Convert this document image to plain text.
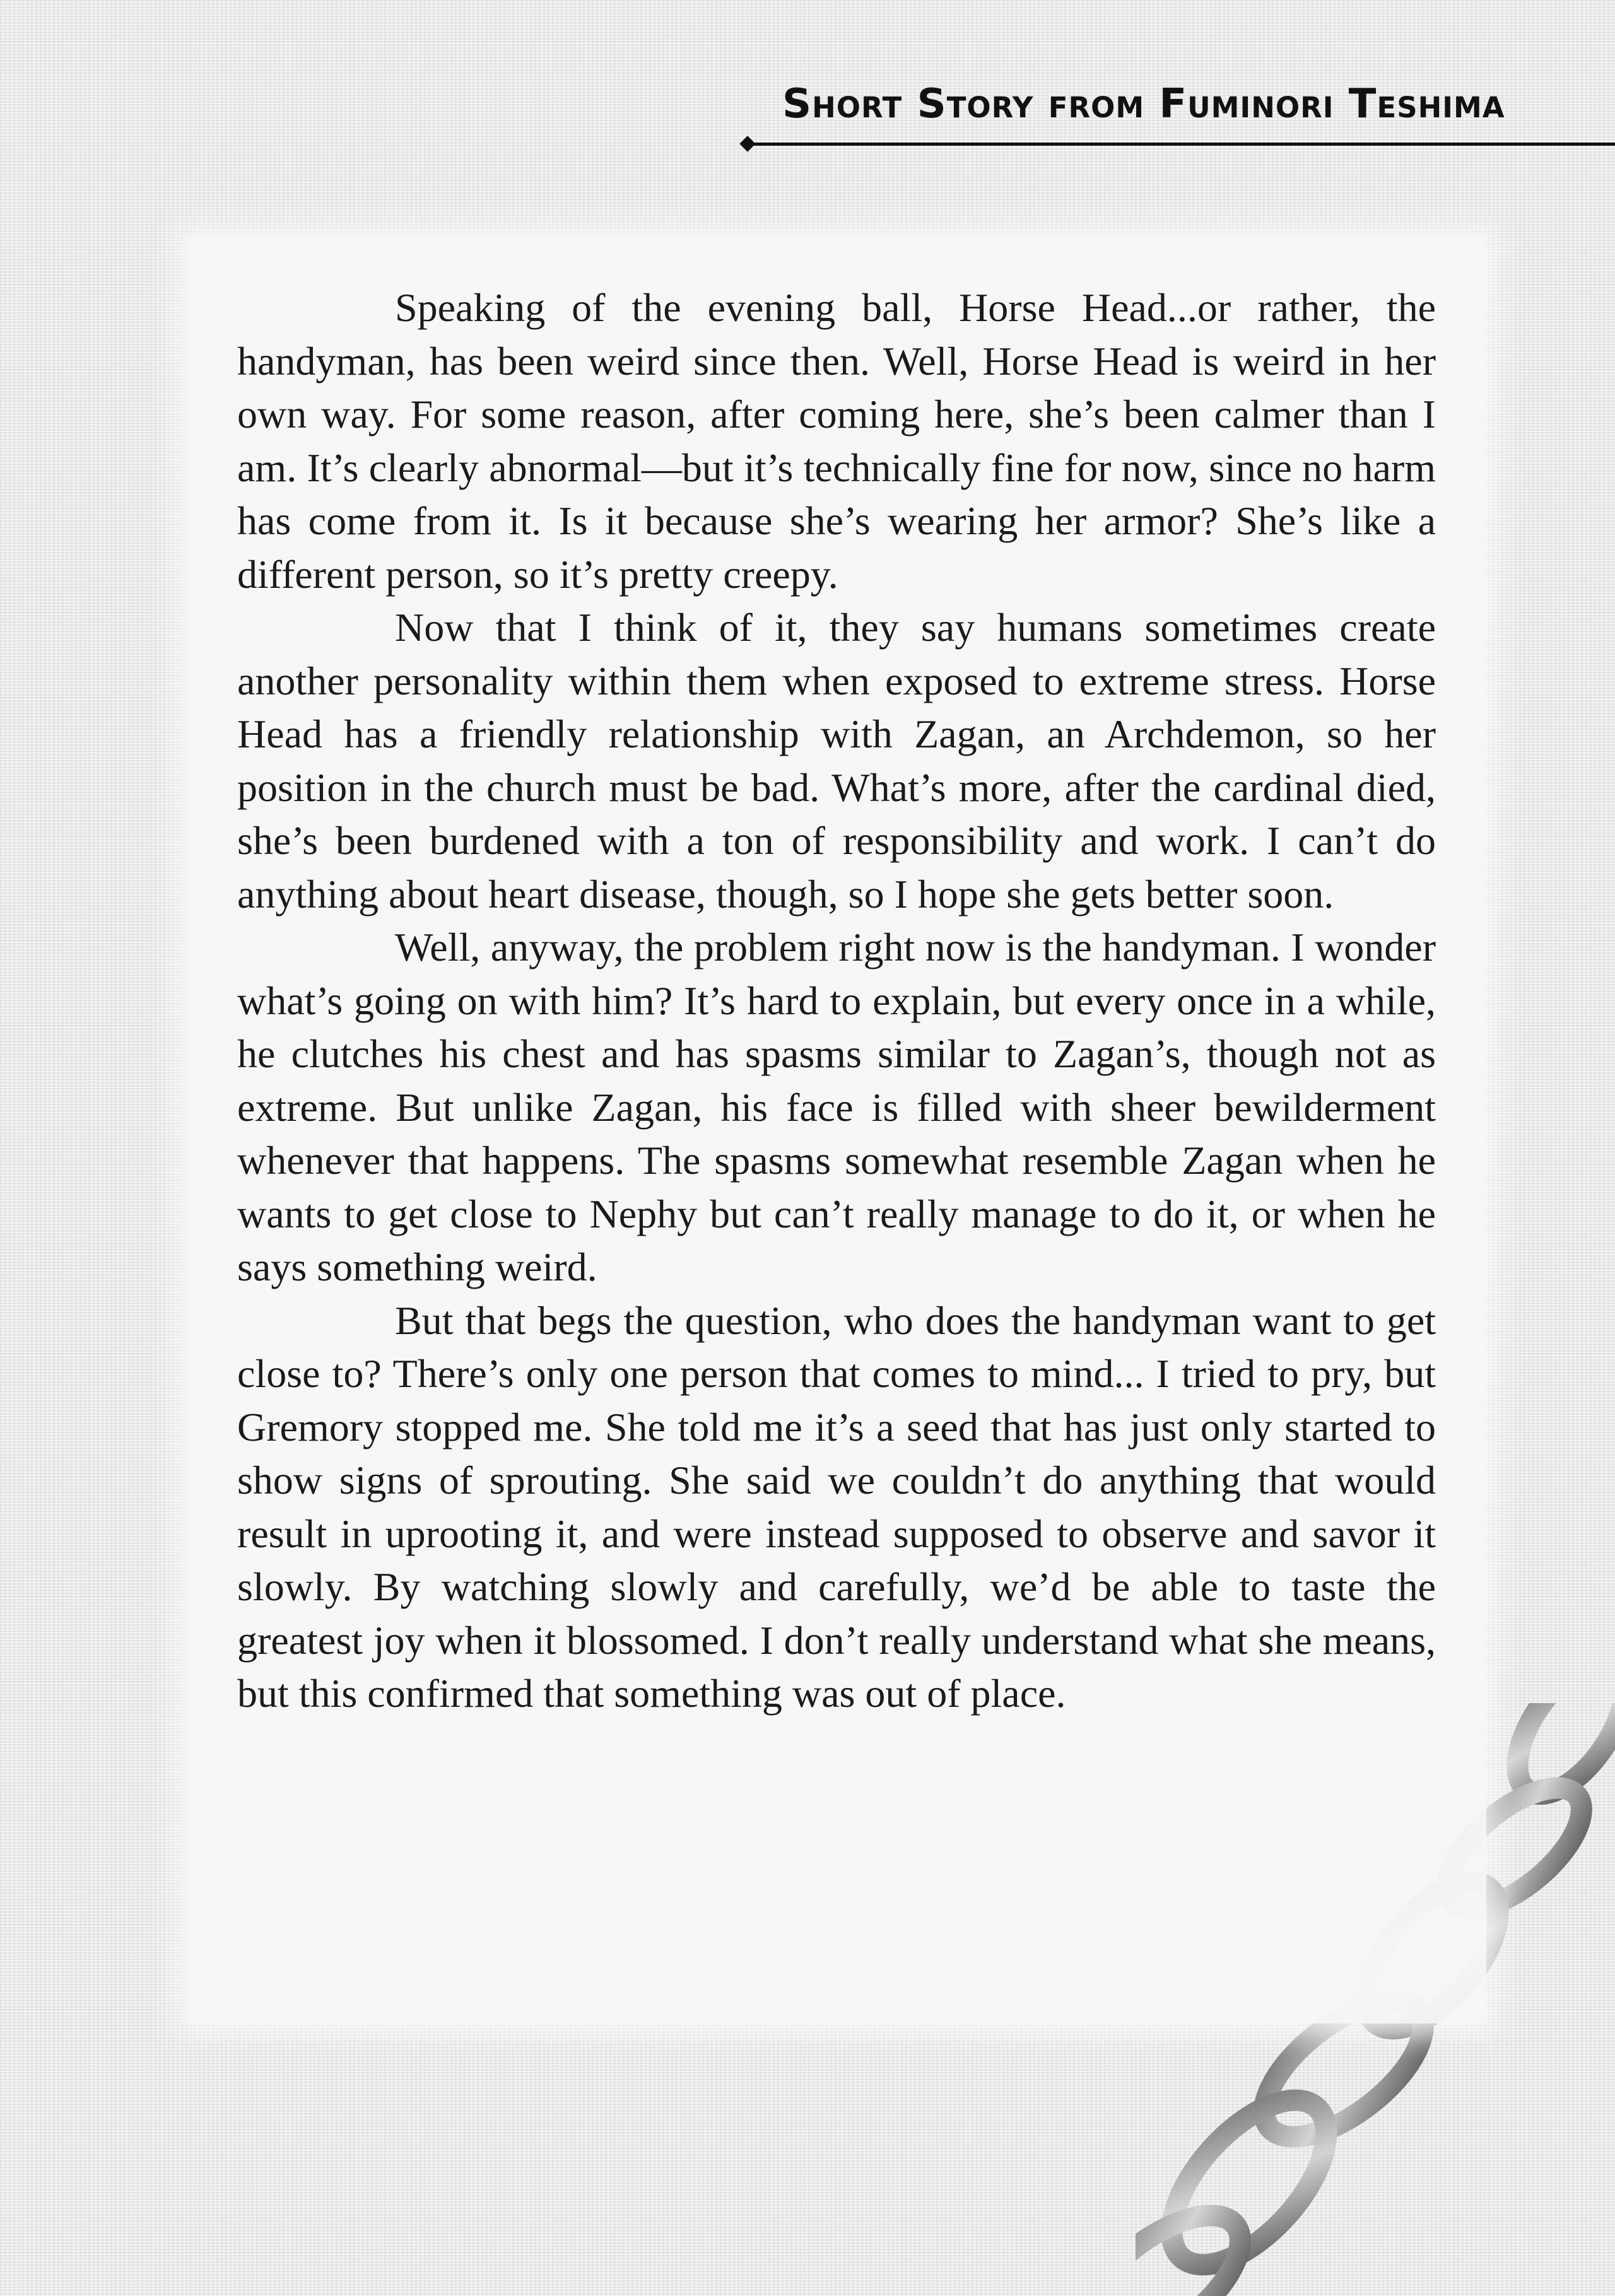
Short Story from Fuminori Teshima

Speaking of the evening ball, Horse Head...or rather, the handyman, has been weird since then. Well, Horse Head is weird in her own way. For some reason, after coming here, she’s been calmer than I am. It’s clearly abnormal—but it’s technically fine for now, since no harm has come from it. Is it because she’s wearing her armor? She’s like a different person, so it’s pretty creepy.

Now that I think of it, they say humans sometimes create another personality within them when exposed to extreme stress. Horse Head has a friendly relationship with Zagan, an Archdemon, so her position in the church must be bad. What’s more, after the cardinal died, she’s been burdened with a ton of responsibility and work. I can’t do anything about heart disease, though, so I hope she gets better soon.

Well, anyway, the problem right now is the handyman. I wonder what’s going on with him? It’s hard to explain, but every once in a while, he clutches his chest and has spasms similar to Zagan’s, though not as extreme. But unlike Zagan, his face is filled with sheer bewilderment whenever that happens. The spasms somewhat resemble Zagan when he wants to get close to Nephy but can’t really manage to do it, or when he says something weird.

But that begs the question, who does the handyman want to get close to? There’s only one person that comes to mind... I tried to pry, but Gremory stopped me. She told me it’s a seed that has just only started to show signs of sprouting. She said we couldn’t do anything that would result in uprooting it, and were instead supposed to observe and savor it slowly. By watching slowly and carefully, we’d be able to taste the greatest joy when it blossomed. I don’t really understand what she means, but this confirmed that something was out of place.
